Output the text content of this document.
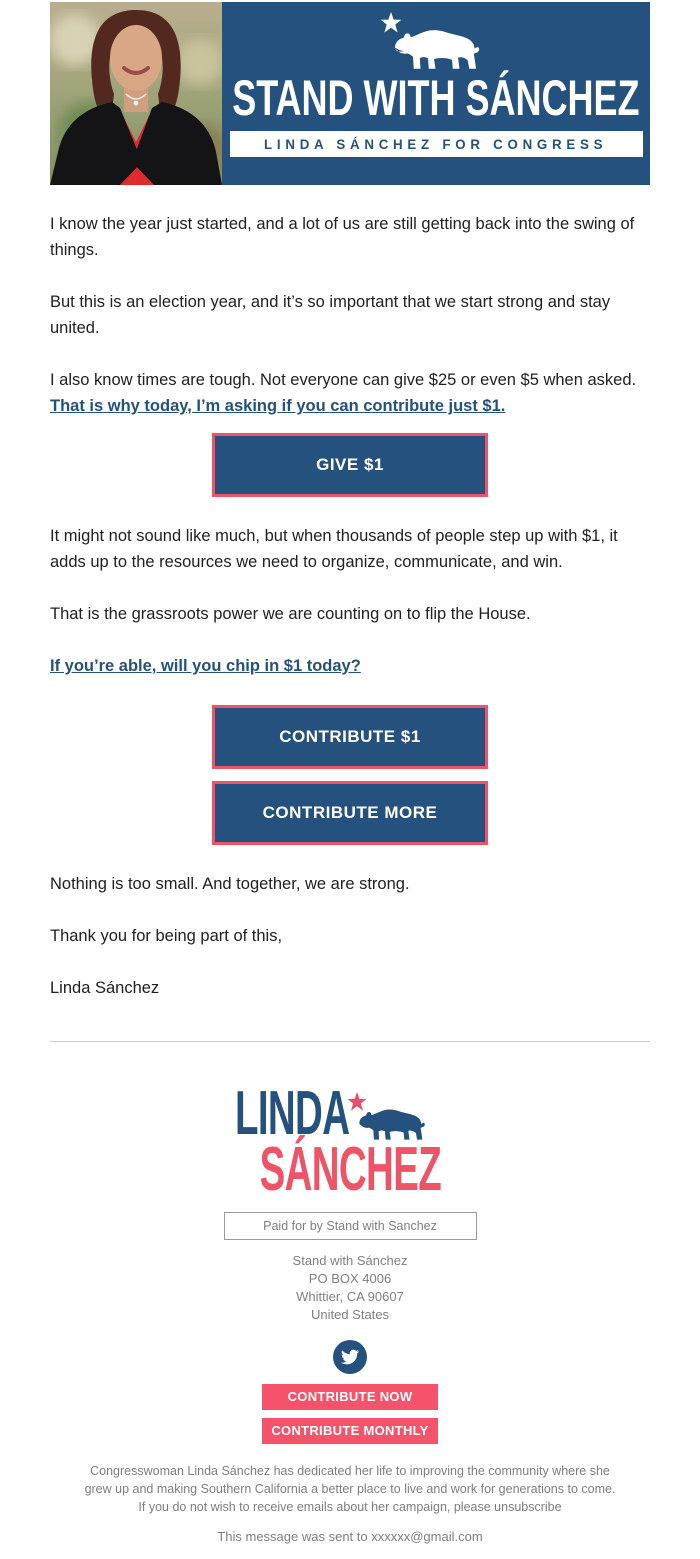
STAND WITH SÁNCHEZ
LINDA SÁNCHEZ FOR CONGRESS

I know the year just started, and a lot of us are still getting back into the swing of things.

But this is an election year, and it’s so important that we start strong and stay united.

I also know times are tough. Not everyone can give $25 or even $5 when asked. That is why today, I’m asking if you can contribute just $1.

GIVE $1

It might not sound like much, but when thousands of people step up with $1, it adds up to the resources we need to organize, communicate, and win.

That is the grassroots power we are counting on to flip the House.

If you’re able, will you chip in $1 today?
CONTRIBUTE $1
CONTRIBUTE MORE

Nothing is too small. And together, we are strong.

Thank you for being part of this,

Linda Sánchez

LINDA
SÁNCHEZ
Paid for by Stand with Sanchez
Stand with Sánchez
PO BOX 4006
Whittier, CA 90607
United States
CONTRIBUTE NOW
CONTRIBUTE MONTHLY
Congresswoman Linda Sánchez has dedicated her life to improving the community where she grew up and making Southern California a better place to live and work for generations to come. If you do not wish to receive emails about her campaign, please unsubscribe
This message was sent to xxxxxx@gmail.com
